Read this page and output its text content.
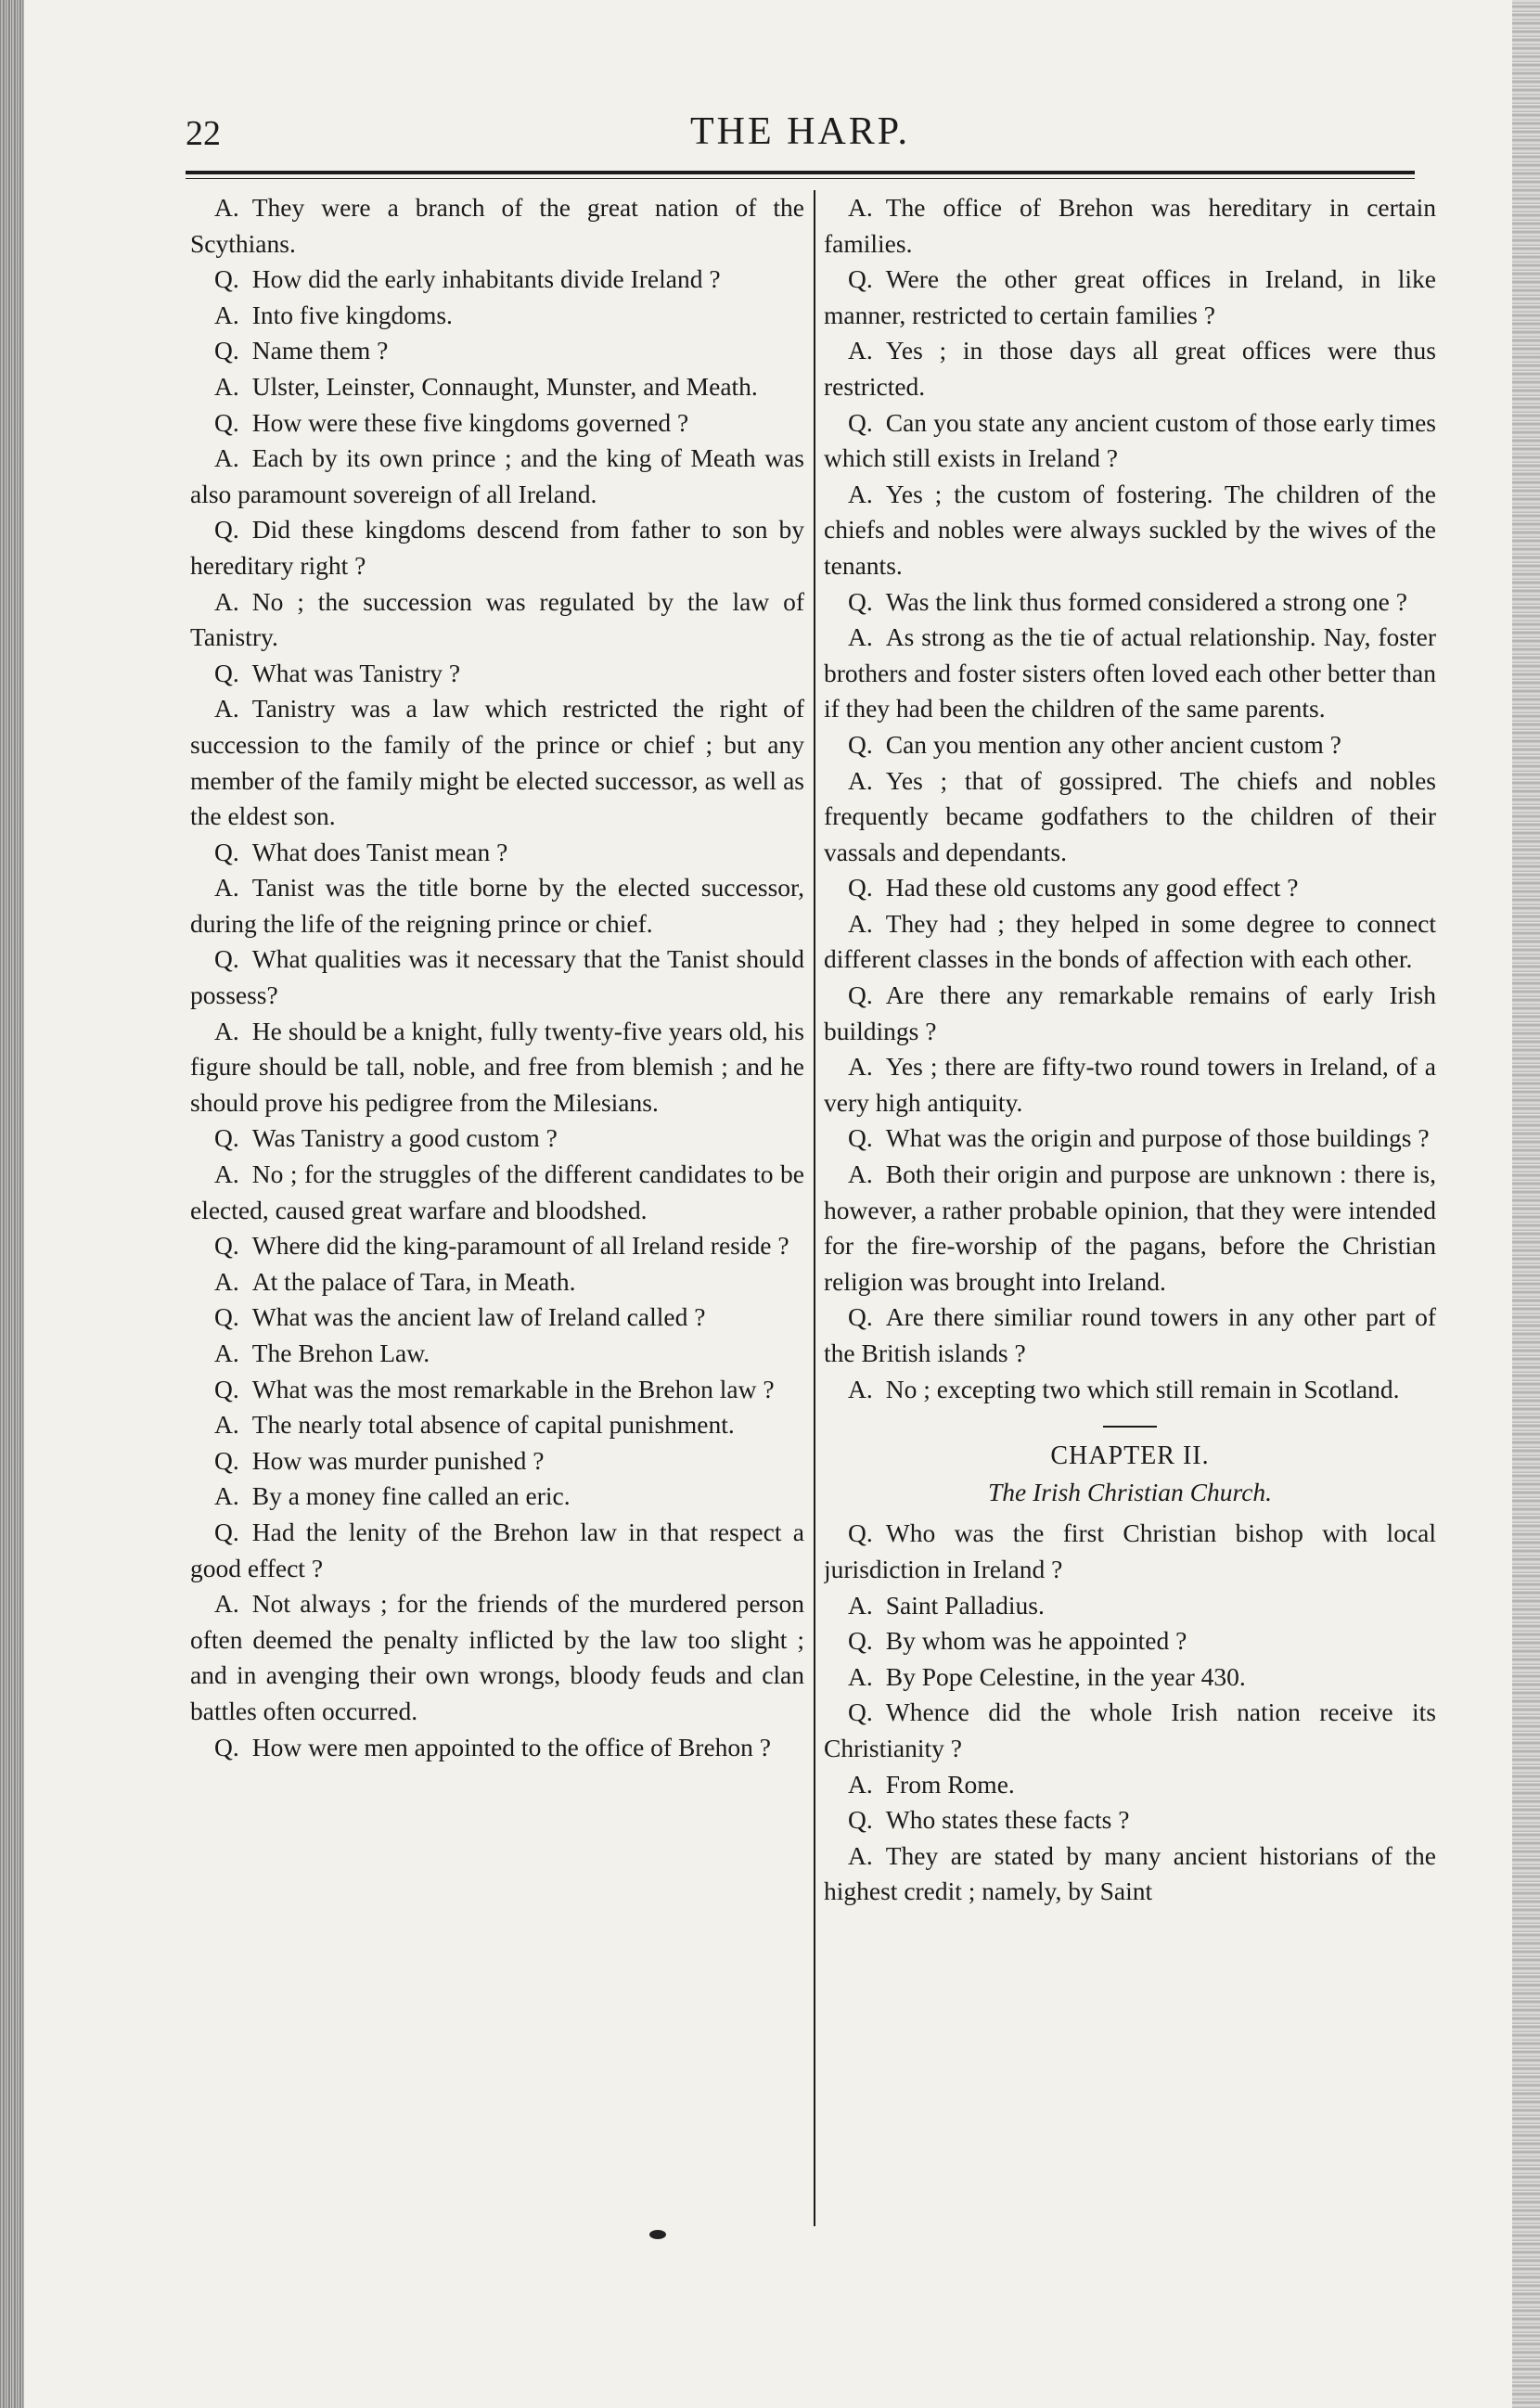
22	THE HARP.

A. They were a branch of the great nation of the Scythians.

Q. How did the early inhabitants divide Ireland ?

A. Into five kingdoms.

Q. Name them ?

A. Ulster, Leinster, Connaught, Munster, and Meath.

Q. How were these five kingdoms governed ?

A. Each by its own prince ; and the king of Meath was also paramount sovereign of all Ireland.

Q. Did these kingdoms descend from father to son by hereditary right ?

A. No ; the succession was regulated by the law of Tanistry.

Q. What was Tanistry ?

A. Tanistry was a law which restricted the right of succession to the family of the prince or chief ; but any member of the family might be elected successor, as well as the eldest son.

Q. What does Tanist mean ?

A. Tanist was the title borne by the elected successor, during the life of the reigning prince or chief.

Q. What qualities was it necessary that the Tanist should possess?

A. He should be a knight, fully twenty-five years old, his figure should be tall, noble, and free from blemish ; and he should prove his pedigree from the Milesians.

Q. Was Tanistry a good custom ?

A. No ; for the struggles of the different candidates to be elected, caused great warfare and bloodshed.

Q. Where did the king-paramount of all Ireland reside ?

A. At the palace of Tara, in Meath.

Q. What was the ancient law of Ireland called ?

A. The Brehon Law.

Q. What was the most remarkable in the Brehon law ?

A. The nearly total absence of capital punishment.

Q. How was murder punished ?

A. By a money fine called an eric.

Q. Had the lenity of the Brehon law in that respect a good effect ?

A. Not always ; for the friends of the murdered person often deemed the penalty inflicted by the law too slight ; and in avenging their own wrongs, bloody feuds and clan battles often occurred.

Q. How were men appointed to the office of Brehon ?

A. The office of Brehon was hereditary in certain families.

Q. Were the other great offices in Ireland, in like manner, restricted to certain families ?

A. Yes ; in those days all great offices were thus restricted.

Q. Can you state any ancient custom of those early times which still exists in Ireland ?

A. Yes ; the custom of fostering. The children of the chiefs and nobles were always suckled by the wives of the tenants.

Q. Was the link thus formed considered a strong one ?

A. As strong as the tie of actual relationship. Nay, foster brothers and foster sisters often loved each other better than if they had been the children of the same parents.

Q. Can you mention any other ancient custom ?

A. Yes ; that of gossipred. The chiefs and nobles frequently became godfathers to the children of their vassals and dependants.

Q. Had these old customs any good effect ?

A. They had ; they helped in some degree to connect different classes in the bonds of affection with each other.

Q. Are there any remarkable remains of early Irish buildings ?

A. Yes ; there are fifty-two round towers in Ireland, of a very high antiquity.

Q. What was the origin and purpose of those buildings ?

A. Both their origin and purpose are unknown : there is, however, a rather probable opinion, that they were intended for the fire-worship of the pagans, before the Christian religion was brought into Ireland.

Q. Are there similiar round towers in any other part of the British islands ?

A. No ; excepting two which still remain in Scotland.

CHAPTER II.

The Irish Christian Church.

Q. Who was the first Christian bishop with local jurisdiction in Ireland ?

A. Saint Palladius.

Q. By whom was he appointed ?

A. By Pope Celestine, in the year 430.

Q. Whence did the whole Irish nation receive its Christianity ?

A. From Rome.

Q. Who states these facts ?

A. They are stated by many ancient historians of the highest credit ; namely, by Saint
